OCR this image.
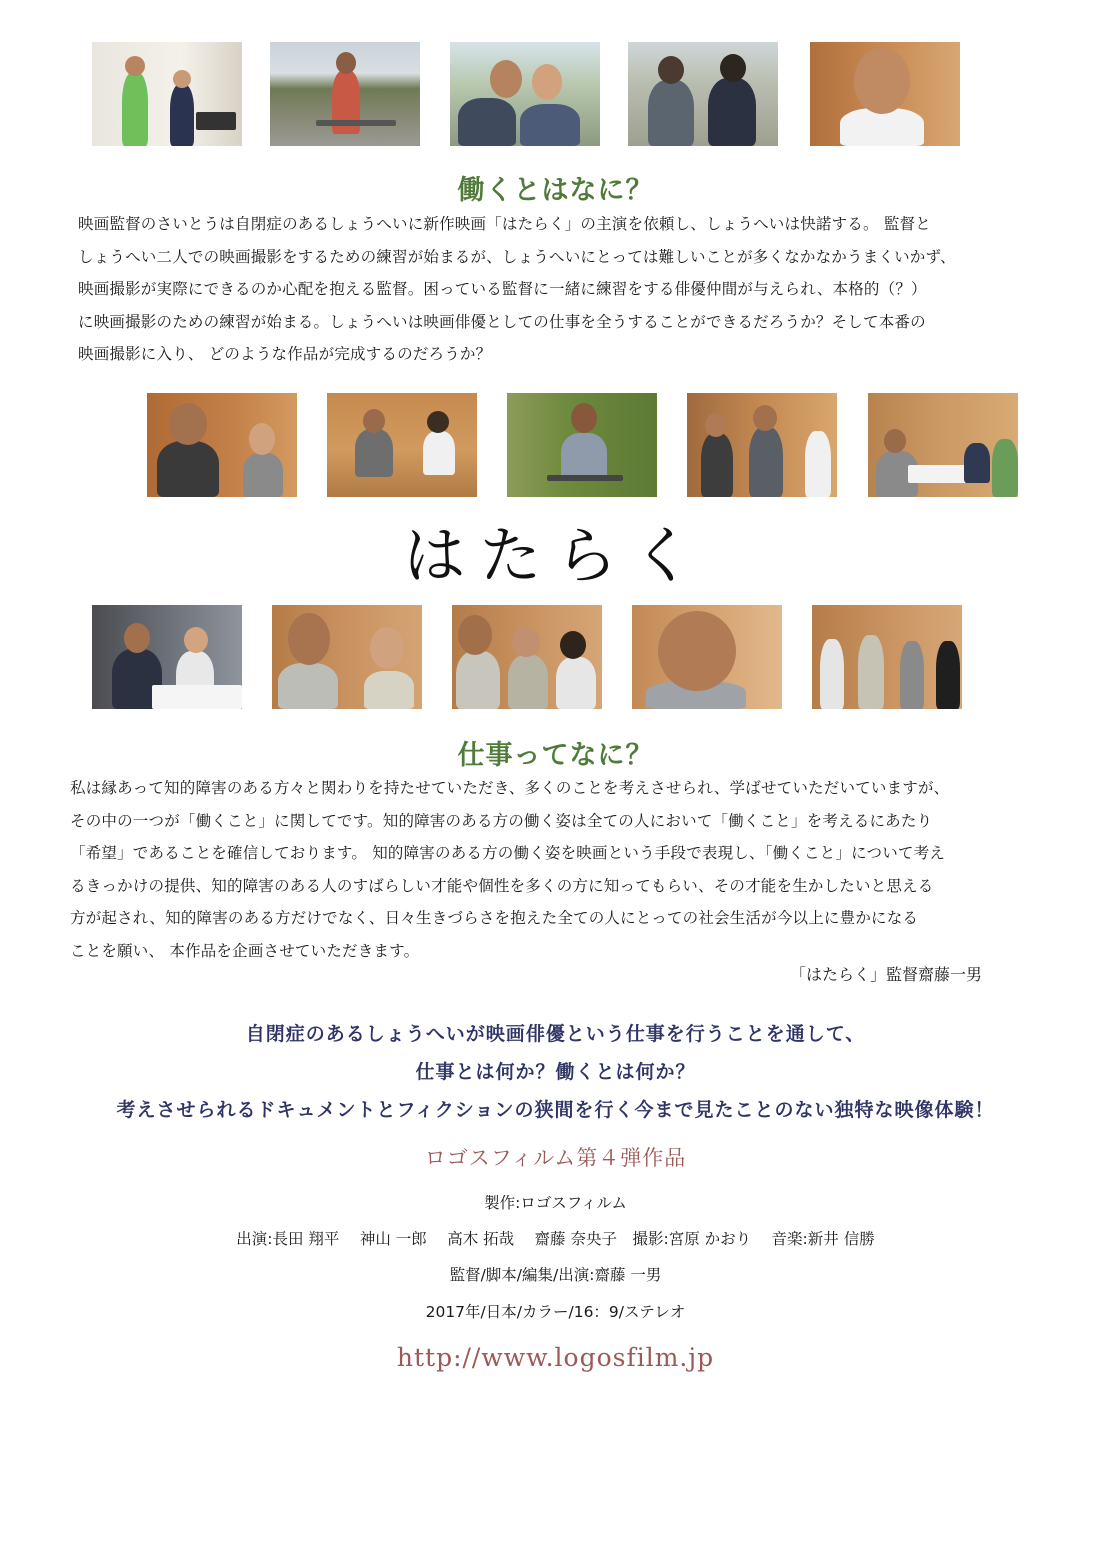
働くとはなに？
映画監督のさいとうは自閉症のあるしょうへいに新作映画「はたらく」の主演を依頼し、しょうへいは快諾する。 監督と
しょうへい二人での映画撮影をするための練習が始まるが、しょうへいにとっては難しいことが多くなかなかうまくいかず、
映画撮影が実際にできるのか心配を抱える監督。困っている監督に一緒に練習をする俳優仲間が与えられ、本格的（？）
に映画撮影のための練習が始まる。しょうへいは映画俳優としての仕事を全うすることができるだろうか？そして本番の
映画撮影に入り、 どのような作品が完成するのだろうか？
はたらく
仕事ってなに？
私は縁あって知的障害のある方々と関わりを持たせていただき、多くのことを考えさせられ、学ばせていただいていますが、
その中の一つが「働くこと」に関してです。知的障害のある方の働く姿は全ての人において「働くこと」を考えるにあたり
「希望」であることを確信しております。 知的障害のある方の働く姿を映画という手段で表現し、「働くこと」について考え
るきっかけの提供、知的障害のある人のすばらしい才能や個性を多くの方に知ってもらい、その才能を生かしたいと思える
方が起され、知的障害のある方だけでなく、日々生きづらさを抱えた全ての人にとっての社会生活が今以上に豊かになる
ことを願い、 本作品を企画させていただきます。
「はたらく」監督齋藤一男
自閉症のあるしょうへいが映画俳優という仕事を行うことを通して、
仕事とは何か？働くとは何か？
考えさせられるドキュメントとフィクションの狭間を行く今まで見たことのない独特な映像体験！
ロゴスフィルム第４弾作品
製作:ロゴスフィルム
出演:長田 翔平　 神山 一郎　 高木 拓哉　 齋藤 奈央子　撮影:宮原 かおり　 音楽:新井 信勝
監督/脚本/編集/出演:齋藤 一男
2017年/日本/カラー/16：9/ステレオ
http://www.logosfilm.jp
